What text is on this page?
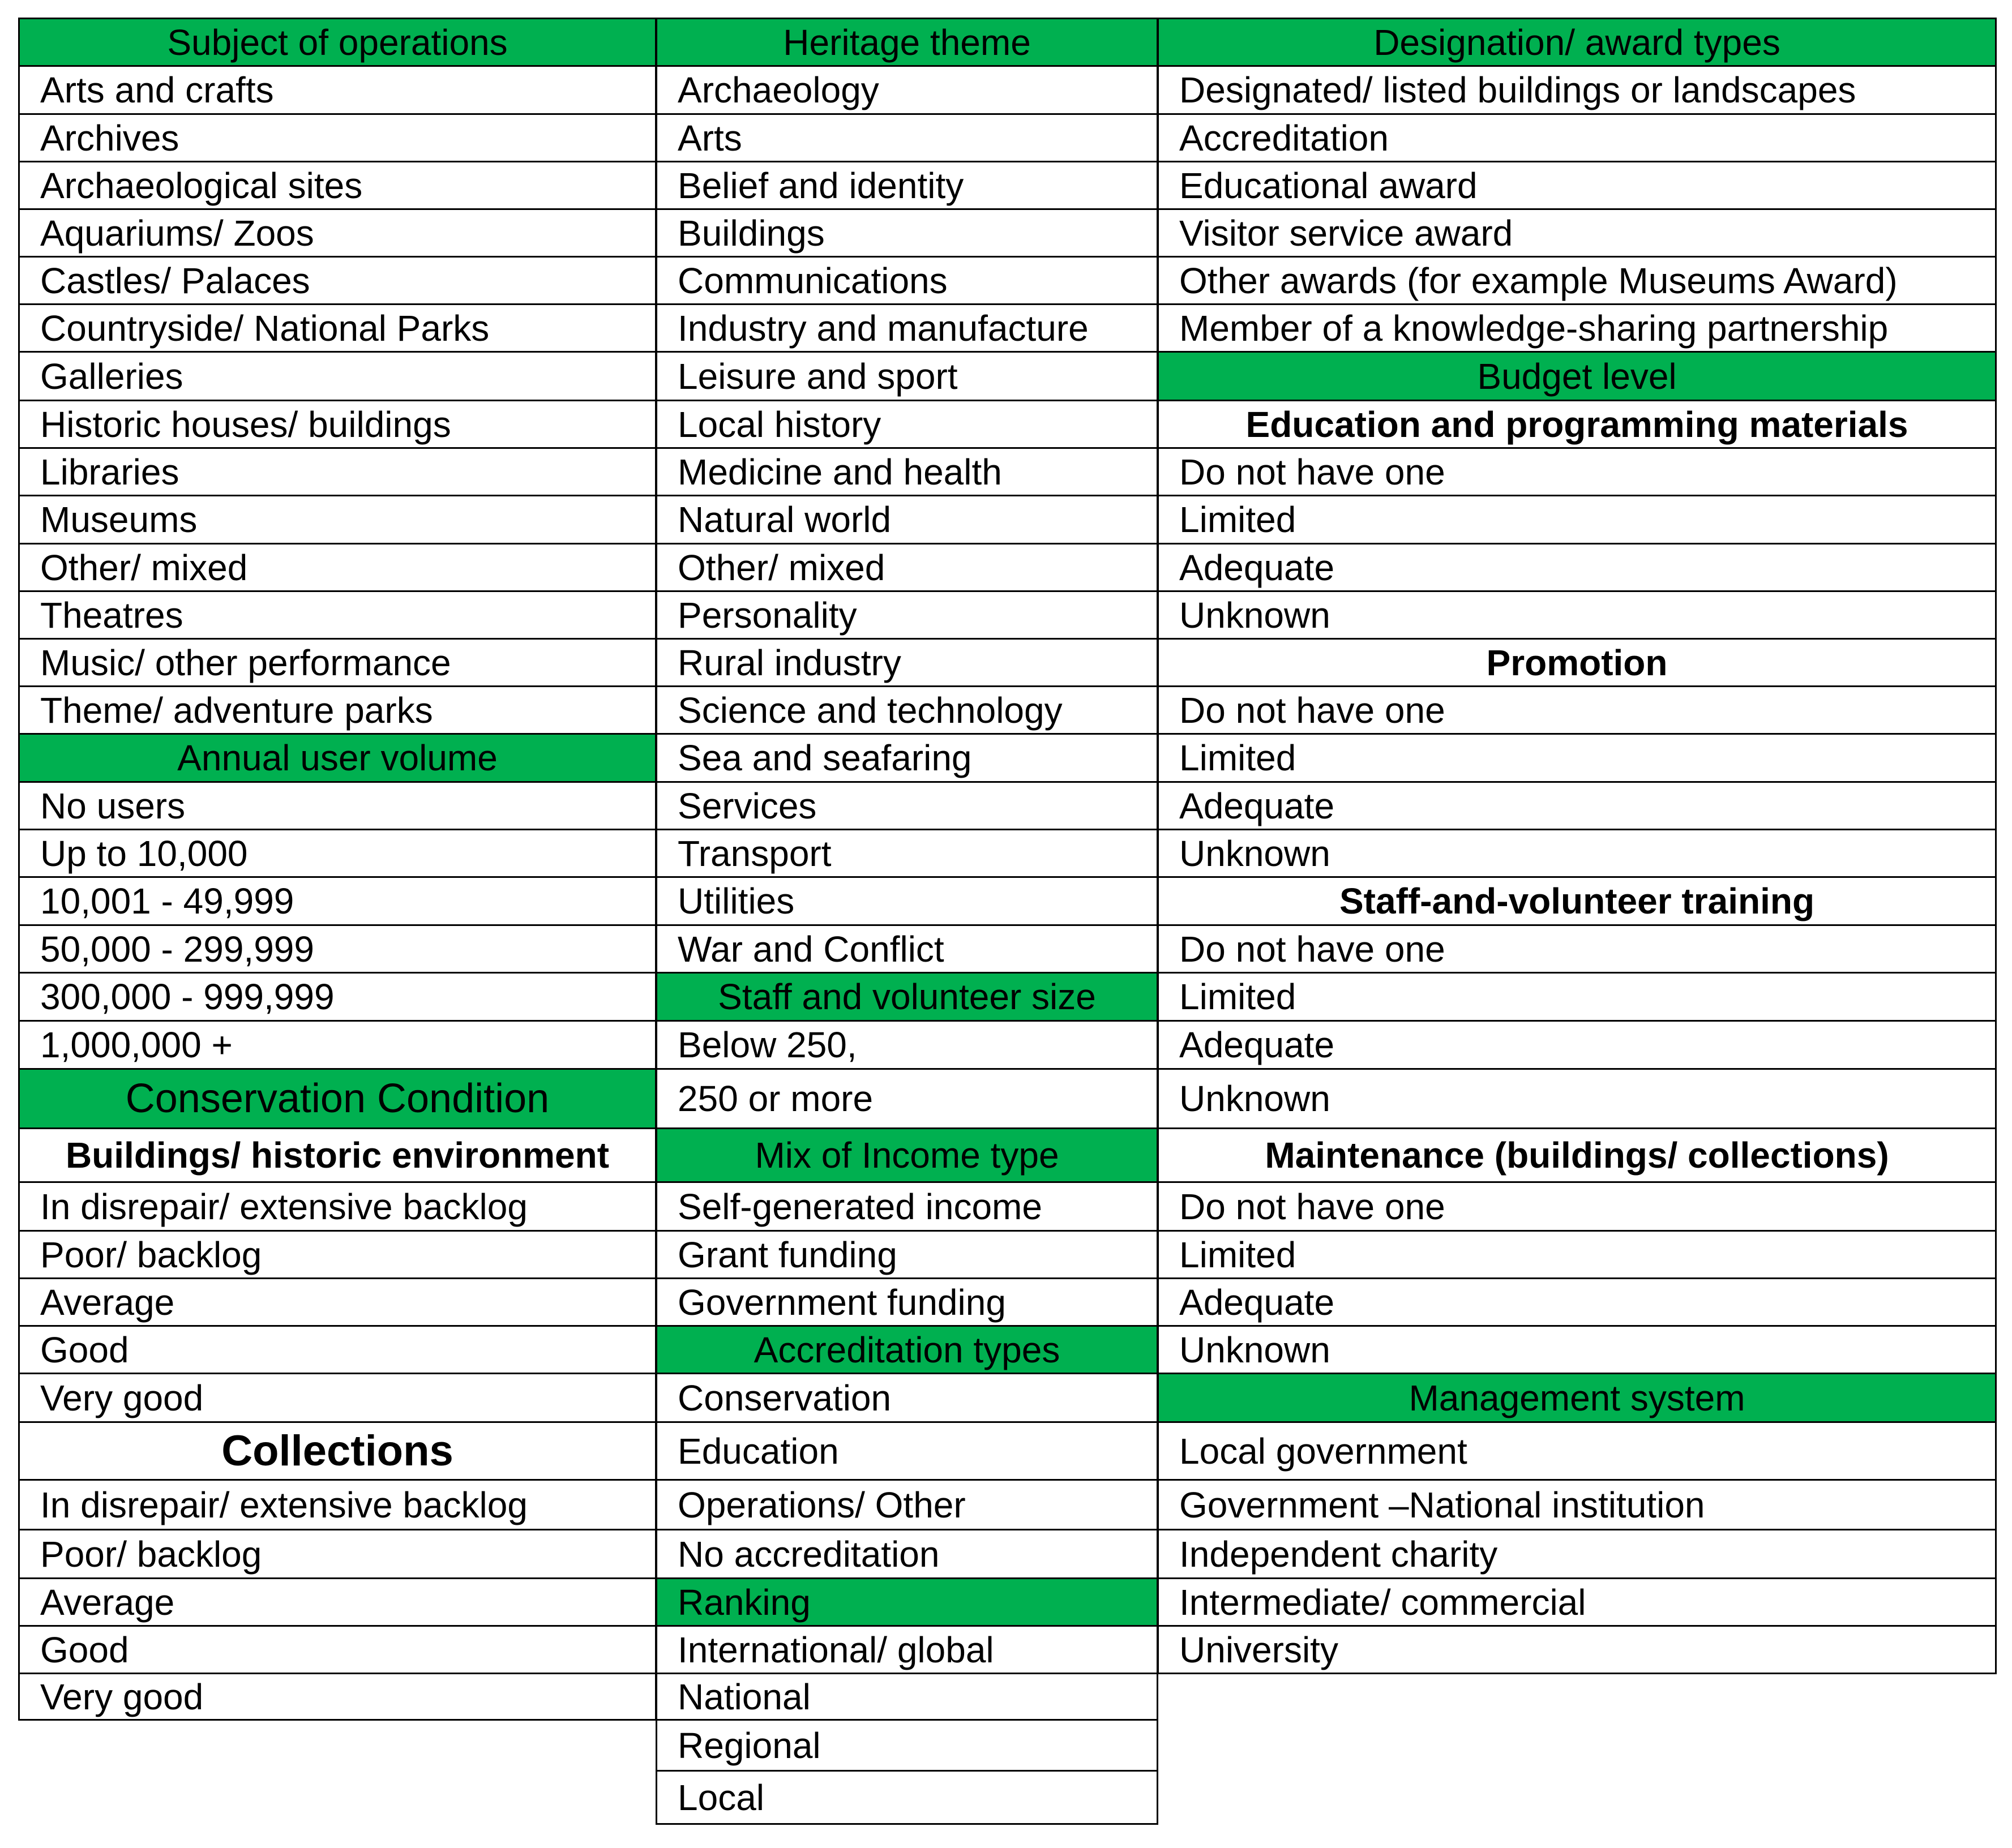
Subject of operations
Arts and crafts
Archives
Archaeological sites
Aquariums/ Zoos
Castles/ Palaces
Countryside/ National Parks
Galleries
Historic houses/ buildings
Libraries
Museums
Other/ mixed
Theatres
Music/ other performance
Theme/ adventure parks
Annual user volume
No users
Up to 10,000
10,001 - 49,999
50,000 - 299,999
300,000 - 999,999
1,000,000 +
Conservation Condition
Buildings/ historic environment
In disrepair/ extensive backlog
Poor/ backlog
Average
Good
Very good
Collections
In disrepair/ extensive backlog
Poor/ backlog
Average
Good
Very good
Heritage theme
Archaeology
Arts
Belief and identity
Buildings
Communications
Industry and manufacture
Leisure and sport
Local history
Medicine and health
Natural world
Other/ mixed
Personality
Rural industry
Science and technology
Sea and seafaring
Services
Transport
Utilities
War and Conflict
Staff and volunteer size
Below 250,
250 or more
Mix of Income type
Self-generated income
Grant funding
Government funding
Accreditation types
Conservation
Education
Operations/ Other
No accreditation
Ranking
International/ global
National
Regional
Local
Designation/ award types
Designated/ listed buildings or landscapes
Accreditation
Educational award
Visitor service award
Other awards (for example Museums Award)
Member of a knowledge-sharing partnership
Budget level
Education and programming materials
Do not have one
Limited
Adequate
Unknown
Promotion
Do not have one
Limited
Adequate
Unknown
Staff-and-volunteer training
Do not have one
Limited
Adequate
Unknown
Maintenance (buildings/ collections)
Do not have one
Limited
Adequate
Unknown
Management system
Local government
Government –National institution
Independent charity
Intermediate/ commercial
University
